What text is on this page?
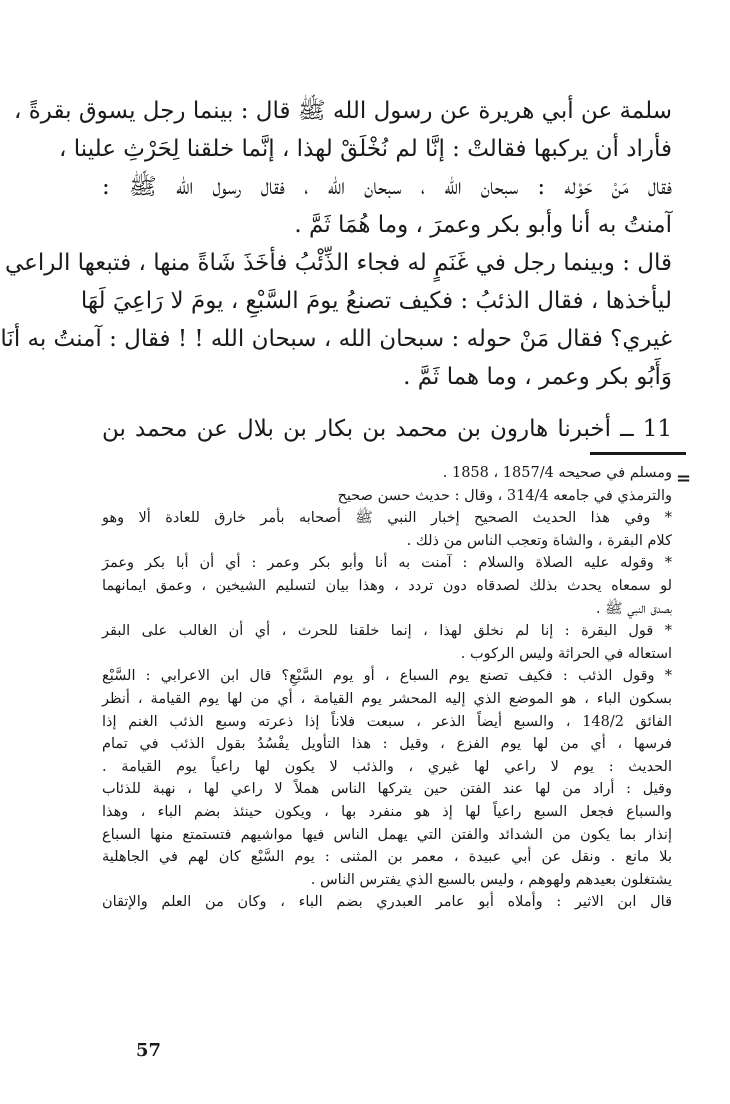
سلمة عن أبي هريرة عن رسول الله ﷺ قال : بينما رجل يسوق بقرةً ،
فأراد أن يركبها فقالتْ : إنَّا لم نُخْلَقْ لهذا ، إنَّما خلقنا لِحَرْثِ علينا ،
فقال مَنْ حَوْله : سبحان الله ، سبحان الله ، فقال رسول الله ﷺ :
آمنتُ به أنا وأبو بكر وعمرَ ، وما هُمَا ثَمَّ .
قال : وبينما رجل في غَنَمٍ له فجاء الذِّئْبُ فأخَذَ شَاةً منها ، فتبعها الراعي
ليأخذها ، فقال الذئبُ : فكيف تصنعُ يومَ السَّبْعِ ، يومَ لا رَاعِيَ لَهَا
غيري؟ فقال مَنْ حوله : سبحان الله ، سبحان الله ! ! فقال : آمنتُ به أنَا
وَأَبُو بكر وعمر ، وما هما ثَمَّ .
11 ــ أخبرنا هارون بن محمد بن بكار بن بلال عن محمد بن
=
ومسلم في صحيحه 1857/4 ، 1858 .
والترمذي في جامعه 314/4 ، وقال : حديث حسن صحيح
* وفي هذا الحديث الصحيح إخبار النبي ﷺ أصحابه بأمر خارق للعادة ألا وهو
كلام البقرة ، والشاة وتعجب الناس من ذلك .
* وقوله عليه الصلاة والسلام : آمنت به أنا وأبو بكر وعمر : أي أن أبا بكر وعمرَ
لو سمعاه يحدث بذلك لصدقاه دون تردد ، وهذا بيان لتسليم الشيخين ، وعمق ايمانهما
بصدق النبي ﷺ .
* قول البقرة : إنا لم نخلق لهذا ، إنما خلقنا للحرث ، أي أن الغالب على البقر
استعاله في الحراثة وليس الركوب .
* وقول الذئب : فكيف تصنع يوم السباع ، أو يوم السَّبْعِ؟ قال ابن الاعرابي : السَّبْع
بسكون الباء ، هو الموضع الذي إليه المحشر يوم القيامة ، أي من لها يوم القيامة ، أنظر
الفائق 148/2 ، والسبع أيضاً الذعر ، سبعت فلاناً إذا ذعرته وسبع الذئب الغنم إذا
فرسها ، أي من لها يوم الفزع ، وقيل : هذا التأويل يفْسُدُ بقول الذئب في تمام
الحديث : يوم لا راعي لها غيري ، والذئب لا يكون لها راعياً يوم القيامة .
وقيل : أراد من لها عند الفتن حين يتركها الناس هملاً لا راعي لها ، نهبة للذئاب
والسباع فجعل السبع راعياً لها إذ هو منفرد بها ، ويكون حينئذ بضم الباء ، وهذا
إنذار بما يكون من الشدائد والفتن التي يهمل الناس فيها مواشيهم فتستمتع منها السباع
بلا مانع . ونقل عن أبي عبيدة ، معمر بن المثنى : يوم السَّبْع كان لهم في الجاهلية
يشتغلون بعيدهم ولهوهم ، وليس بالسبع الذي يفترس الناس .
قال ابن الاثير : وأملاه أبو عامر العبدري بضم الباء ، وكان من العلم والإتقان
57
